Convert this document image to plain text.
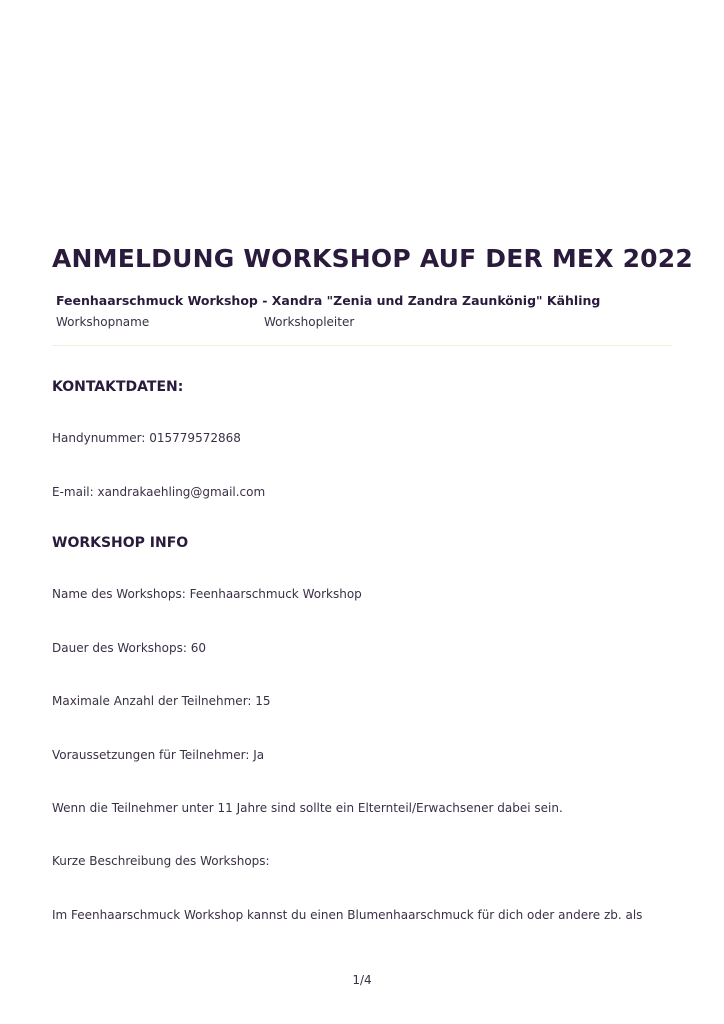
ANMELDUNG WORKSHOP AUF DER MEX 2022
Feenhaarschmuck Workshop - Xandra "Zenia und Zandra Zaunkönig" Kähling
Workshopname	Workshopleiter
KONTAKTDATEN:
Handynummer: 015779572868
E-mail: xandrakaehling@gmail.com
WORKSHOP INFO
Name des Workshops: Feenhaarschmuck Workshop
Dauer des Workshops: 60
Maximale Anzahl der Teilnehmer: 15
Voraussetzungen für Teilnehmer: Ja
Wenn die Teilnehmer unter 11 Jahre sind sollte ein Elternteil/Erwachsener dabei sein.
Kurze Beschreibung des Workshops:
Im Feenhaarschmuck Workshop kannst du einen Blumenhaarschmuck für dich oder andere zb. als
1/4
